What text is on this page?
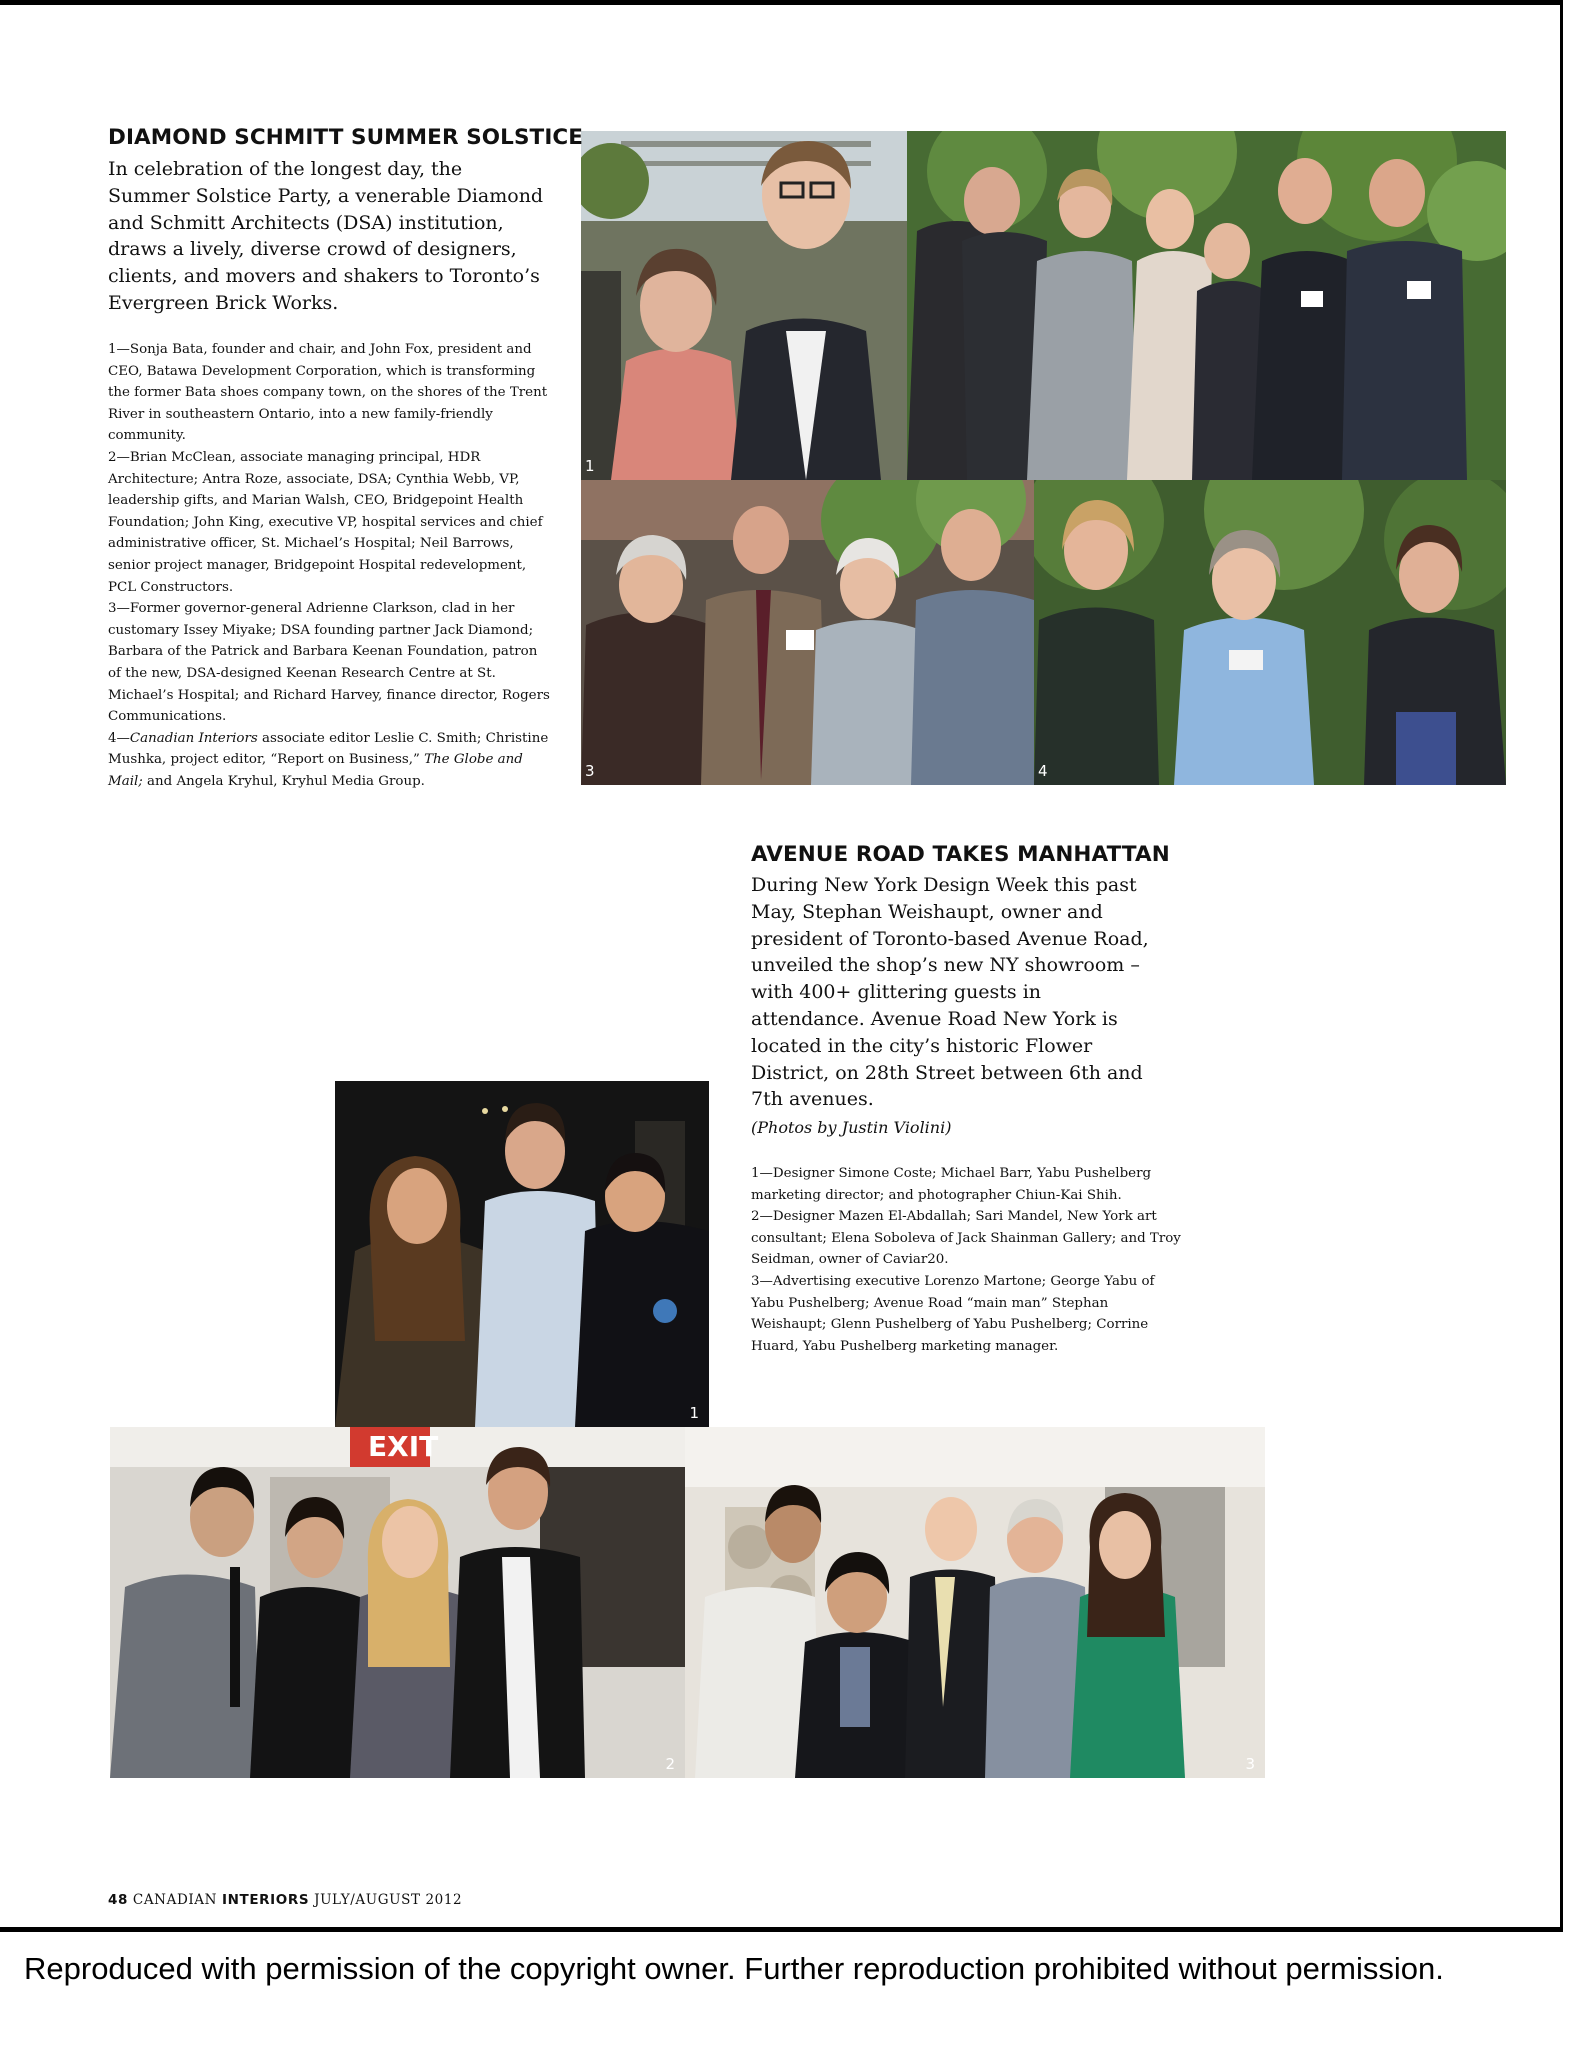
1
3	4
DIAMOND SCHMITT SUMMER SOLSTICE

In celebration of the longest day, the Summer Solstice Party, a venerable Diamond and Schmitt Architects (DSA) institution, draws a lively, diverse crowd of designers, clients, and movers and shakers to Toronto’s Evergreen Brick Works.

1—Sonja Bata, founder and chair, and John Fox, president and CEO, Batawa Development Corporation, which is transforming the former Bata shoes company town, on the shores of the Trent River in southeastern Ontario, into a new family-friendly community.

2—Brian McClean, associate managing principal, HDR Architecture; Antra Roze, associate, DSA; Cynthia Webb, VP, leadership gifts, and Marian Walsh, CEO, Bridgepoint Health Foundation; John King, executive VP, hospital services and chief administrative officer, St. Michael’s Hospital; Neil Barrows, senior project manager, Bridgepoint Hospital redevelopment, PCL Constructors.

3—Former governor-general Adrienne Clarkson, clad in her customary Issey Miyake; DSA founding partner Jack Diamond; Barbara of the Patrick and Barbara Keenan Foundation, patron of the new, DSA-designed Keenan Research Centre at St. Michael’s Hospital; and Richard Harvey, finance director, Rogers Communications.

4—Canadian Interiors associate editor Leslie C. Smith; Christine Mushka, project editor, “Report on Business,” The Globe and Mail; and Angela Kryhul, Kryhul Media Group.

AVENUE ROAD TAKES MANHATTAN

During New York Design Week this past May, Stephan Weishaupt, owner and president of Toronto-based Avenue Road, unveiled the shop’s new NY showroom – with 400+ glittering guests in attendance. Avenue Road New York is located in the city’s historic Flower District, on 28th Street between 6th and 7th avenues.

(Photos by Justin Violini)

1—Designer Simone Coste; Michael Barr, Yabu Pushelberg marketing director; and photographer Chiun-Kai Shih.

2—Designer Mazen El-Abdallah; Sari Mandel, New York art consultant; Elena Soboleva of Jack Shainman Gallery; and Troy Seidman, owner of Caviar20.

3—Advertising executive Lorenzo Martone; George Yabu of Yabu Pushelberg; Avenue Road “main man” Stephan Weishaupt; Glenn Pushelberg of Yabu Pushelberg; Corrine Huard, Yabu Pushelberg marketing manager.

1
EXIT
2	3
48 CANADIAN INTERIORS JULY/AUGUST 2012
Reproduced with permission of the copyright owner. Further reproduction prohibited without permission.
